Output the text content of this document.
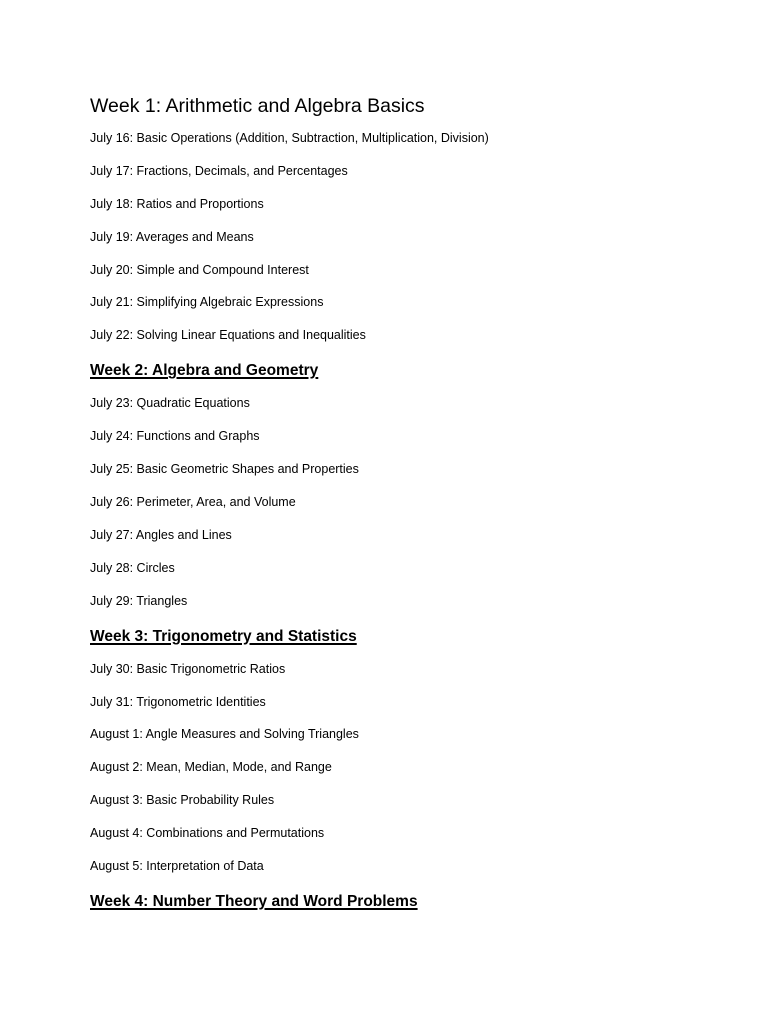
Week 1: Arithmetic and Algebra Basics
July 16: Basic Operations (Addition, Subtraction, Multiplication, Division)
July 17: Fractions, Decimals, and Percentages
July 18: Ratios and Proportions
July 19: Averages and Means
July 20: Simple and Compound Interest
July 21: Simplifying Algebraic Expressions
July 22: Solving Linear Equations and Inequalities
Week 2: Algebra and Geometry
July 23: Quadratic Equations
July 24: Functions and Graphs
July 25: Basic Geometric Shapes and Properties
July 26: Perimeter, Area, and Volume
July 27: Angles and Lines
July 28: Circles
July 29: Triangles
Week 3: Trigonometry and Statistics
July 30: Basic Trigonometric Ratios
July 31: Trigonometric Identities
August 1: Angle Measures and Solving Triangles
August 2: Mean, Median, Mode, and Range
August 3: Basic Probability Rules
August 4: Combinations and Permutations
August 5: Interpretation of Data
Week 4: Number Theory and Word Problems
